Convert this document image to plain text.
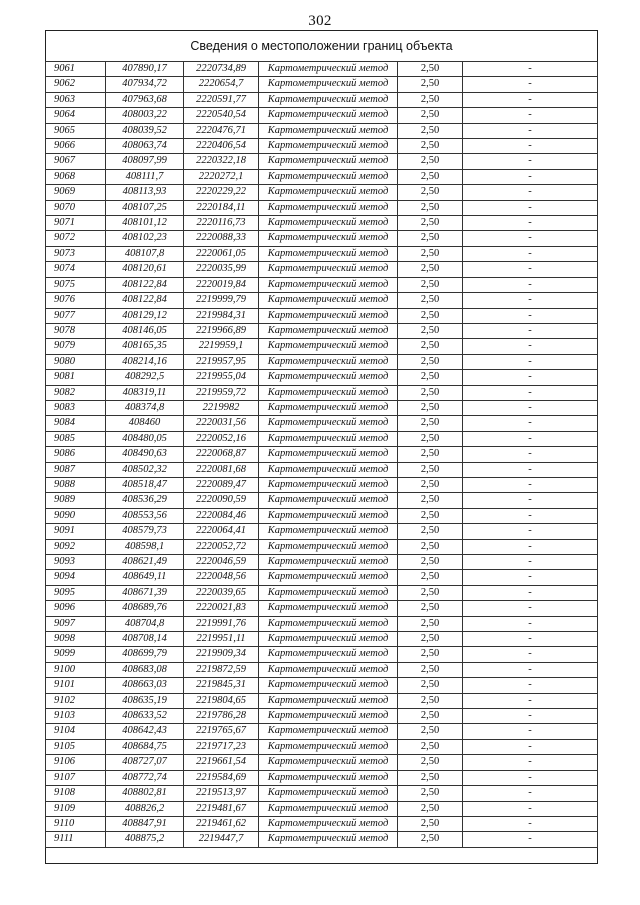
302
Сведения о местоположении границ объекта
9061	407890,17	2220734,89	Картометрический метод	2,50	-
9062	407934,72	2220654,7	Картометрический метод	2,50	-
9063	407963,68	2220591,77	Картометрический метод	2,50	-
9064	408003,22	2220540,54	Картометрический метод	2,50	-
9065	408039,52	2220476,71	Картометрический метод	2,50	-
9066	408063,74	2220406,54	Картометрический метод	2,50	-
9067	408097,99	2220322,18	Картометрический метод	2,50	-
9068	408111,7	2220272,1	Картометрический метод	2,50	-
9069	408113,93	2220229,22	Картометрический метод	2,50	-
9070	408107,25	2220184,11	Картометрический метод	2,50	-
9071	408101,12	2220116,73	Картометрический метод	2,50	-
9072	408102,23	2220088,33	Картометрический метод	2,50	-
9073	408107,8	2220061,05	Картометрический метод	2,50	-
9074	408120,61	2220035,99	Картометрический метод	2,50	-
9075	408122,84	2220019,84	Картометрический метод	2,50	-
9076	408122,84	2219999,79	Картометрический метод	2,50	-
9077	408129,12	2219984,31	Картометрический метод	2,50	-
9078	408146,05	2219966,89	Картометрический метод	2,50	-
9079	408165,35	2219959,1	Картометрический метод	2,50	-
9080	408214,16	2219957,95	Картометрический метод	2,50	-
9081	408292,5	2219955,04	Картометрический метод	2,50	-
9082	408319,11	2219959,72	Картометрический метод	2,50	-
9083	408374,8	2219982	Картометрический метод	2,50	-
9084	408460	2220031,56	Картометрический метод	2,50	-
9085	408480,05	2220052,16	Картометрический метод	2,50	-
9086	408490,63	2220068,87	Картометрический метод	2,50	-
9087	408502,32	2220081,68	Картометрический метод	2,50	-
9088	408518,47	2220089,47	Картометрический метод	2,50	-
9089	408536,29	2220090,59	Картометрический метод	2,50	-
9090	408553,56	2220084,46	Картометрический метод	2,50	-
9091	408579,73	2220064,41	Картометрический метод	2,50	-
9092	408598,1	2220052,72	Картометрический метод	2,50	-
9093	408621,49	2220046,59	Картометрический метод	2,50	-
9094	408649,11	2220048,56	Картометрический метод	2,50	-
9095	408671,39	2220039,65	Картометрический метод	2,50	-
9096	408689,76	2220021,83	Картометрический метод	2,50	-
9097	408704,8	2219991,76	Картометрический метод	2,50	-
9098	408708,14	2219951,11	Картометрический метод	2,50	-
9099	408699,79	2219909,34	Картометрический метод	2,50	-
9100	408683,08	2219872,59	Картометрический метод	2,50	-
9101	408663,03	2219845,31	Картометрический метод	2,50	-
9102	408635,19	2219804,65	Картометрический метод	2,50	-
9103	408633,52	2219786,28	Картометрический метод	2,50	-
9104	408642,43	2219765,67	Картометрический метод	2,50	-
9105	408684,75	2219717,23	Картометрический метод	2,50	-
9106	408727,07	2219661,54	Картометрический метод	2,50	-
9107	408772,74	2219584,69	Картометрический метод	2,50	-
9108	408802,81	2219513,97	Картометрический метод	2,50	-
9109	408826,2	2219481,67	Картометрический метод	2,50	-
9110	408847,91	2219461,62	Картометрический метод	2,50	-
9111	408875,2	2219447,7	Картометрический метод	2,50	-
